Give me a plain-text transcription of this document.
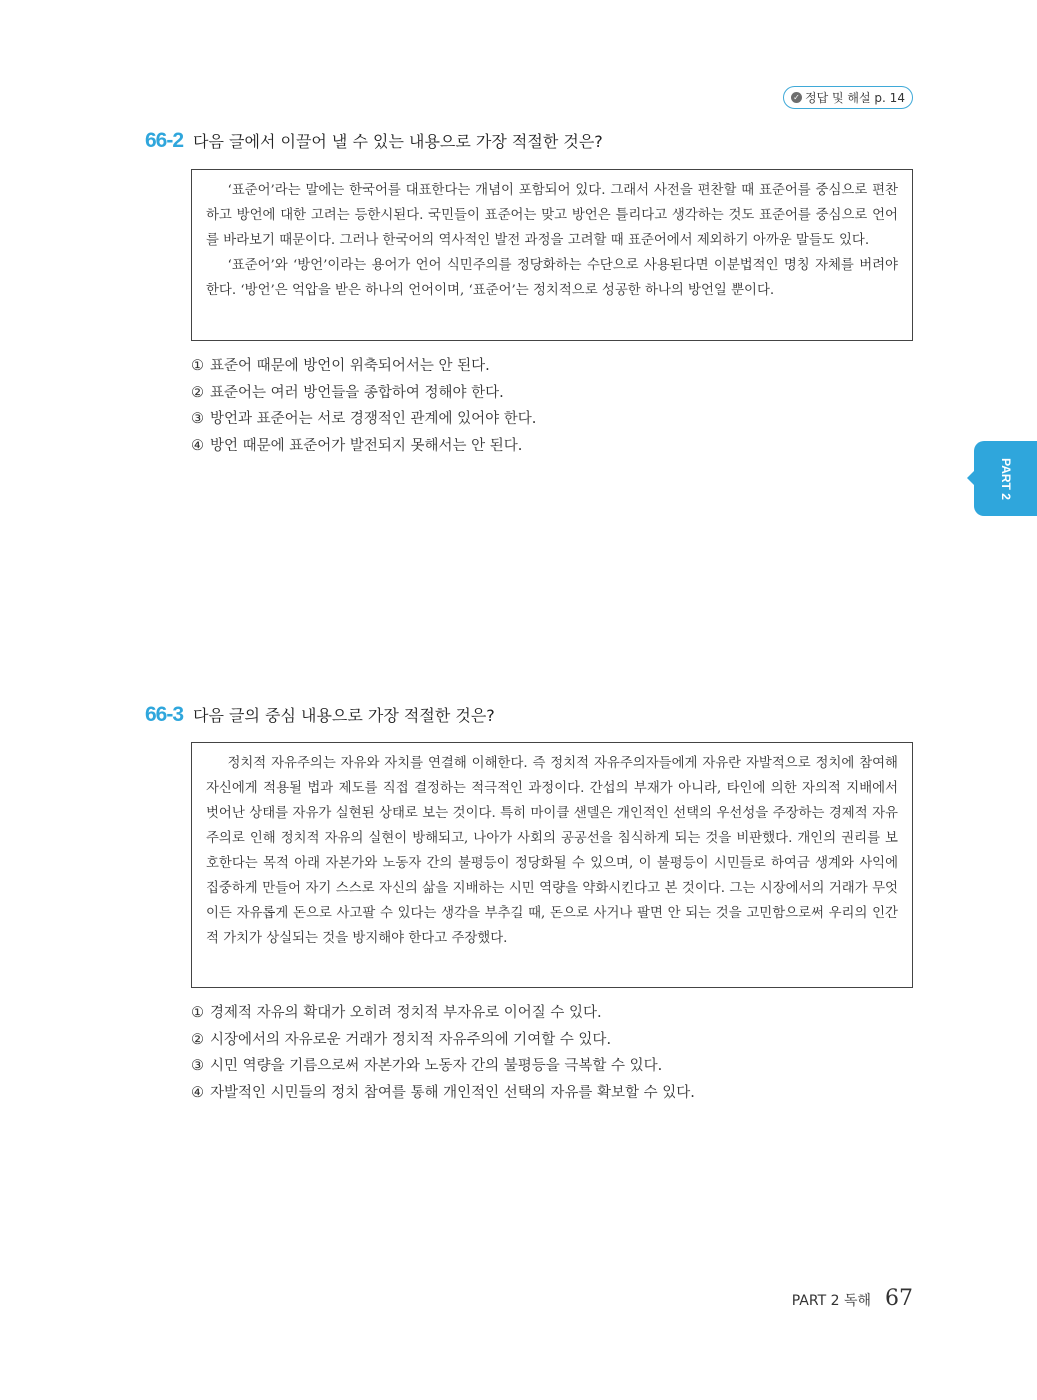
✓ 정답 및 해설 p. 14
66-2 다음 글에서 이끌어 낼 수 있는 내용으로 가장 적절한 것은?

‘표준어’라는 말에는 한국어를 대표한다는 개념이 포함되어 있다. 그래서 사전을 편찬할 때 표준어를 중심으로 편찬하고 방언에 대한 고려는 등한시된다. 국민들이 표준어는 맞고 방언은 틀리다고 생각하는 것도 표준어를 중심으로 언어를 바라보기 때문이다. 그러나 한국어의 역사적인 발전 과정을 고려할 때 표준어에서 제외하기 아까운 말들도 있다.

‘표준어’와 ‘방언’이라는 용어가 언어 식민주의를 정당화하는 수단으로 사용된다면 이분법적인 명칭 자체를 버려야 한다. ‘방언’은 억압을 받은 하나의 언어이며, ‘표준어’는 정치적으로 성공한 하나의 방언일 뿐이다.

① 표준어 때문에 방언이 위축되어서는 안 된다.
② 표준어는 여러 방언들을 종합하여 정해야 한다.
③ 방언과 표준어는 서로 경쟁적인 관계에 있어야 한다.
④ 방언 때문에 표준어가 발전되지 못해서는 안 된다.
PART 2
66-3 다음 글의 중심 내용으로 가장 적절한 것은?

정치적 자유주의는 자유와 자치를 연결해 이해한다. 즉 정치적 자유주의자들에게 자유란 자발적으로 정치에 참여해 자신에게 적용될 법과 제도를 직접 결정하는 적극적인 과정이다. 간섭의 부재가 아니라, 타인에 의한 자의적 지배에서 벗어난 상태를 자유가 실현된 상태로 보는 것이다. 특히 마이클 샌델은 개인적인 선택의 우선성을 주장하는 경제적 자유주의로 인해 정치적 자유의 실현이 방해되고, 나아가 사회의 공공선을 침식하게 되는 것을 비판했다. 개인의 권리를 보호한다는 목적 아래 자본가와 노동자 간의 불평등이 정당화될 수 있으며, 이 불평등이 시민들로 하여금 생계와 사익에 집중하게 만들어 자기 스스로 자신의 삶을 지배하는 시민 역량을 약화시킨다고 본 것이다. 그는 시장에서의 거래가 무엇이든 자유롭게 돈으로 사고팔 수 있다는 생각을 부추길 때, 돈으로 사거나 팔면 안 되는 것을 고민함으로써 우리의 인간적 가치가 상실되는 것을 방지해야 한다고 주장했다.

① 경제적 자유의 확대가 오히려 정치적 부자유로 이어질 수 있다.
② 시장에서의 자유로운 거래가 정치적 자유주의에 기여할 수 있다.
③ 시민 역량을 기름으로써 자본가와 노동자 간의 불평등을 극복할 수 있다.
④ 자발적인 시민들의 정치 참여를 통해 개인적인 선택의 자유를 확보할 수 있다.
PART 2 독해 67
